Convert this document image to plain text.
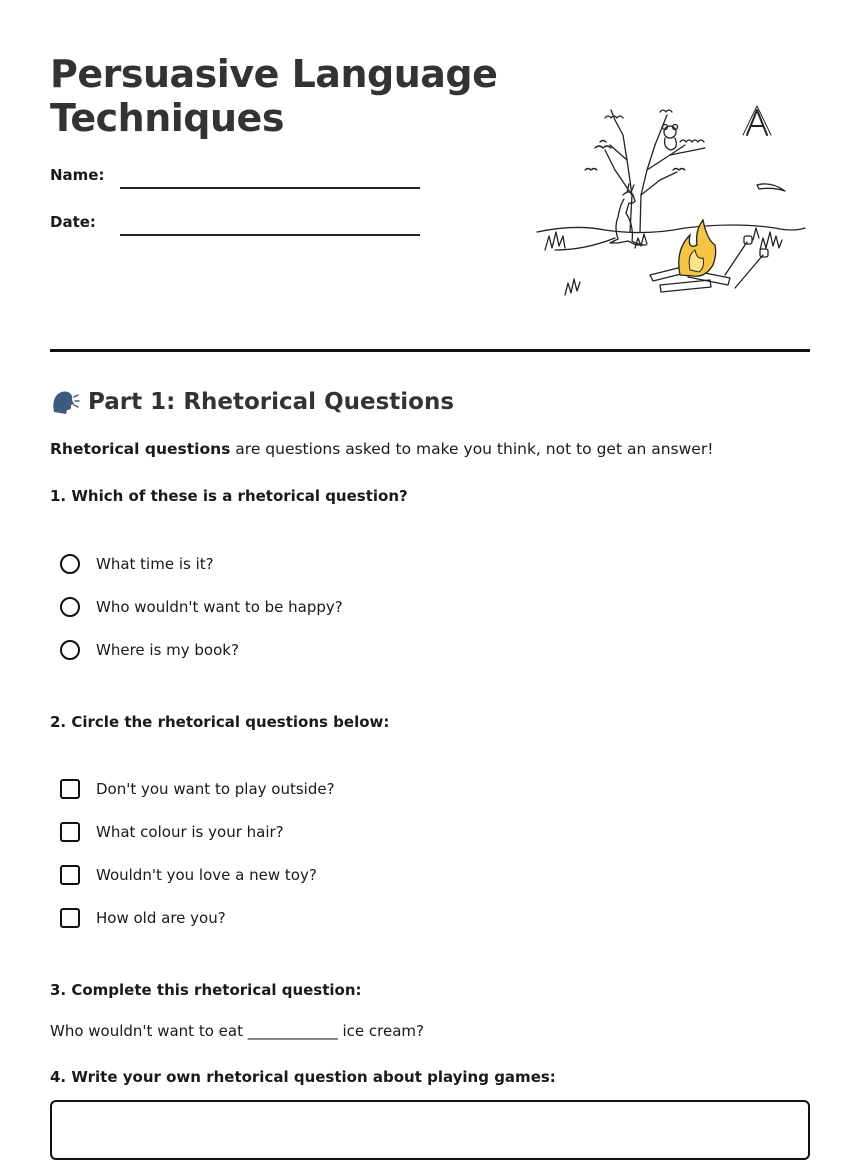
Persuasive Language Techniques
Name:
Date:
Part 1: Rhetorical Questions
Rhetorical questions are questions asked to make you think, not to get an answer!
1. Which of these is a rhetorical question?
What time is it?
Who wouldn't want to be happy?
Where is my book?
2. Circle the rhetorical questions below:
Don't you want to play outside?
What colour is your hair?
Wouldn't you love a new toy?
How old are you?
3. Complete this rhetorical question:
Who wouldn't want to eat ____________ ice cream?
4. Write your own rhetorical question about playing games:
